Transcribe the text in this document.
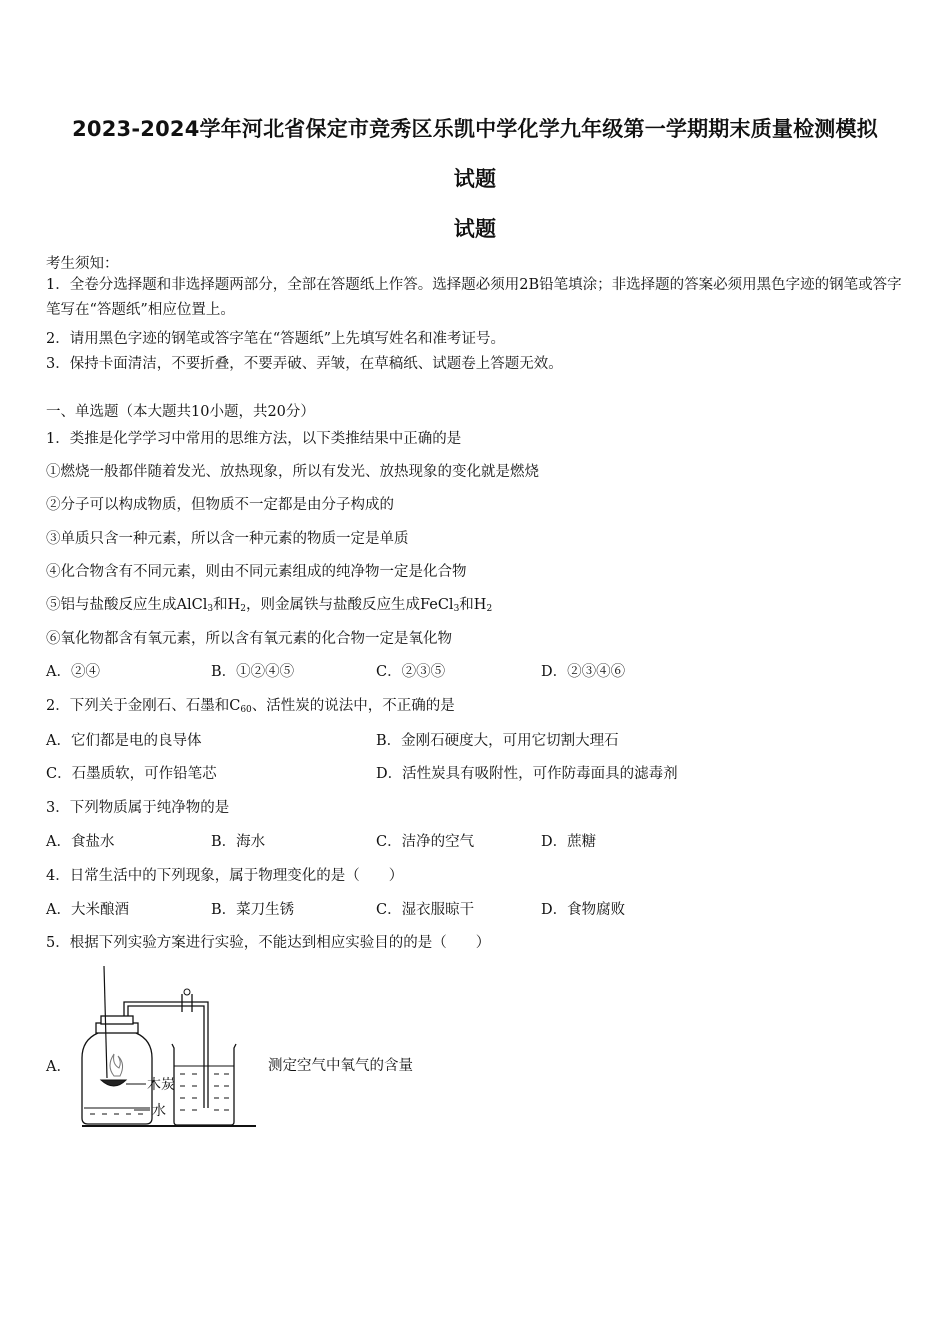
2023-2024学年河北省保定市竞秀区乐凯中学化学九年级第一学期期末质量检测模拟
试题
试题
考生须知：
1．全卷分选择题和非选择题两部分，全部在答题纸上作答。选择题必须用2B铅笔填涂；非选择题的答案必须用黑色字迹的钢笔或答字笔写在“答题纸”相应位置上。
2．请用黑色字迹的钢笔或答字笔在“答题纸”上先填写姓名和准考证号。
3．保持卡面清洁，不要折叠，不要弄破、弄皱，在草稿纸、试题卷上答题无效。
一、单选题（本大题共10小题，共20分）
1．类推是化学学习中常用的思维方法，以下类推结果中正确的是
①燃烧一般都伴随着发光、放热现象，所以有发光、放热现象的变化就是燃烧
②分子可以构成物质，但物质不一定都是由分子构成的
③单质只含一种元素，所以含一种元素的物质一定是单质
④化合物含有不同元素，则由不同元素组成的纯净物一定是化合物
⑤铝与盐酸反应生成AlCl$_3$和$H_2$，则金属铁与盐酸反应生成FeCl$_3$和$H_2$
⑥氧化物都含有氧元素，所以含有氧元素的化合物一定是氧化物
A．②④	B．①②④⑤	C．②③⑤	D．②③④⑥
2．下列关于金刚石、石墨和$C_{60}$、活性炭的说法中，不正确的是
A．它们都是电的良导体	B．金刚石硬度大，可用它切割大理石
C．石墨质软，可作铅笔芯	D．活性炭具有吸附性，可作防毒面具的滤毒剂
3．下列物质属于纯净物的是
A．食盐水	B．海水	C．洁净的空气	D．蔗糖
4．日常生活中的下列现象，属于物理变化的是（　　）
A．大米酿酒	B．菜刀生锈	C．湿衣服晾干	D．食物腐败
5．根据下列实验方案进行实验，不能达到相应实验目的的是（　　）
A．
木炭
水
测定空气中氧气的含量
